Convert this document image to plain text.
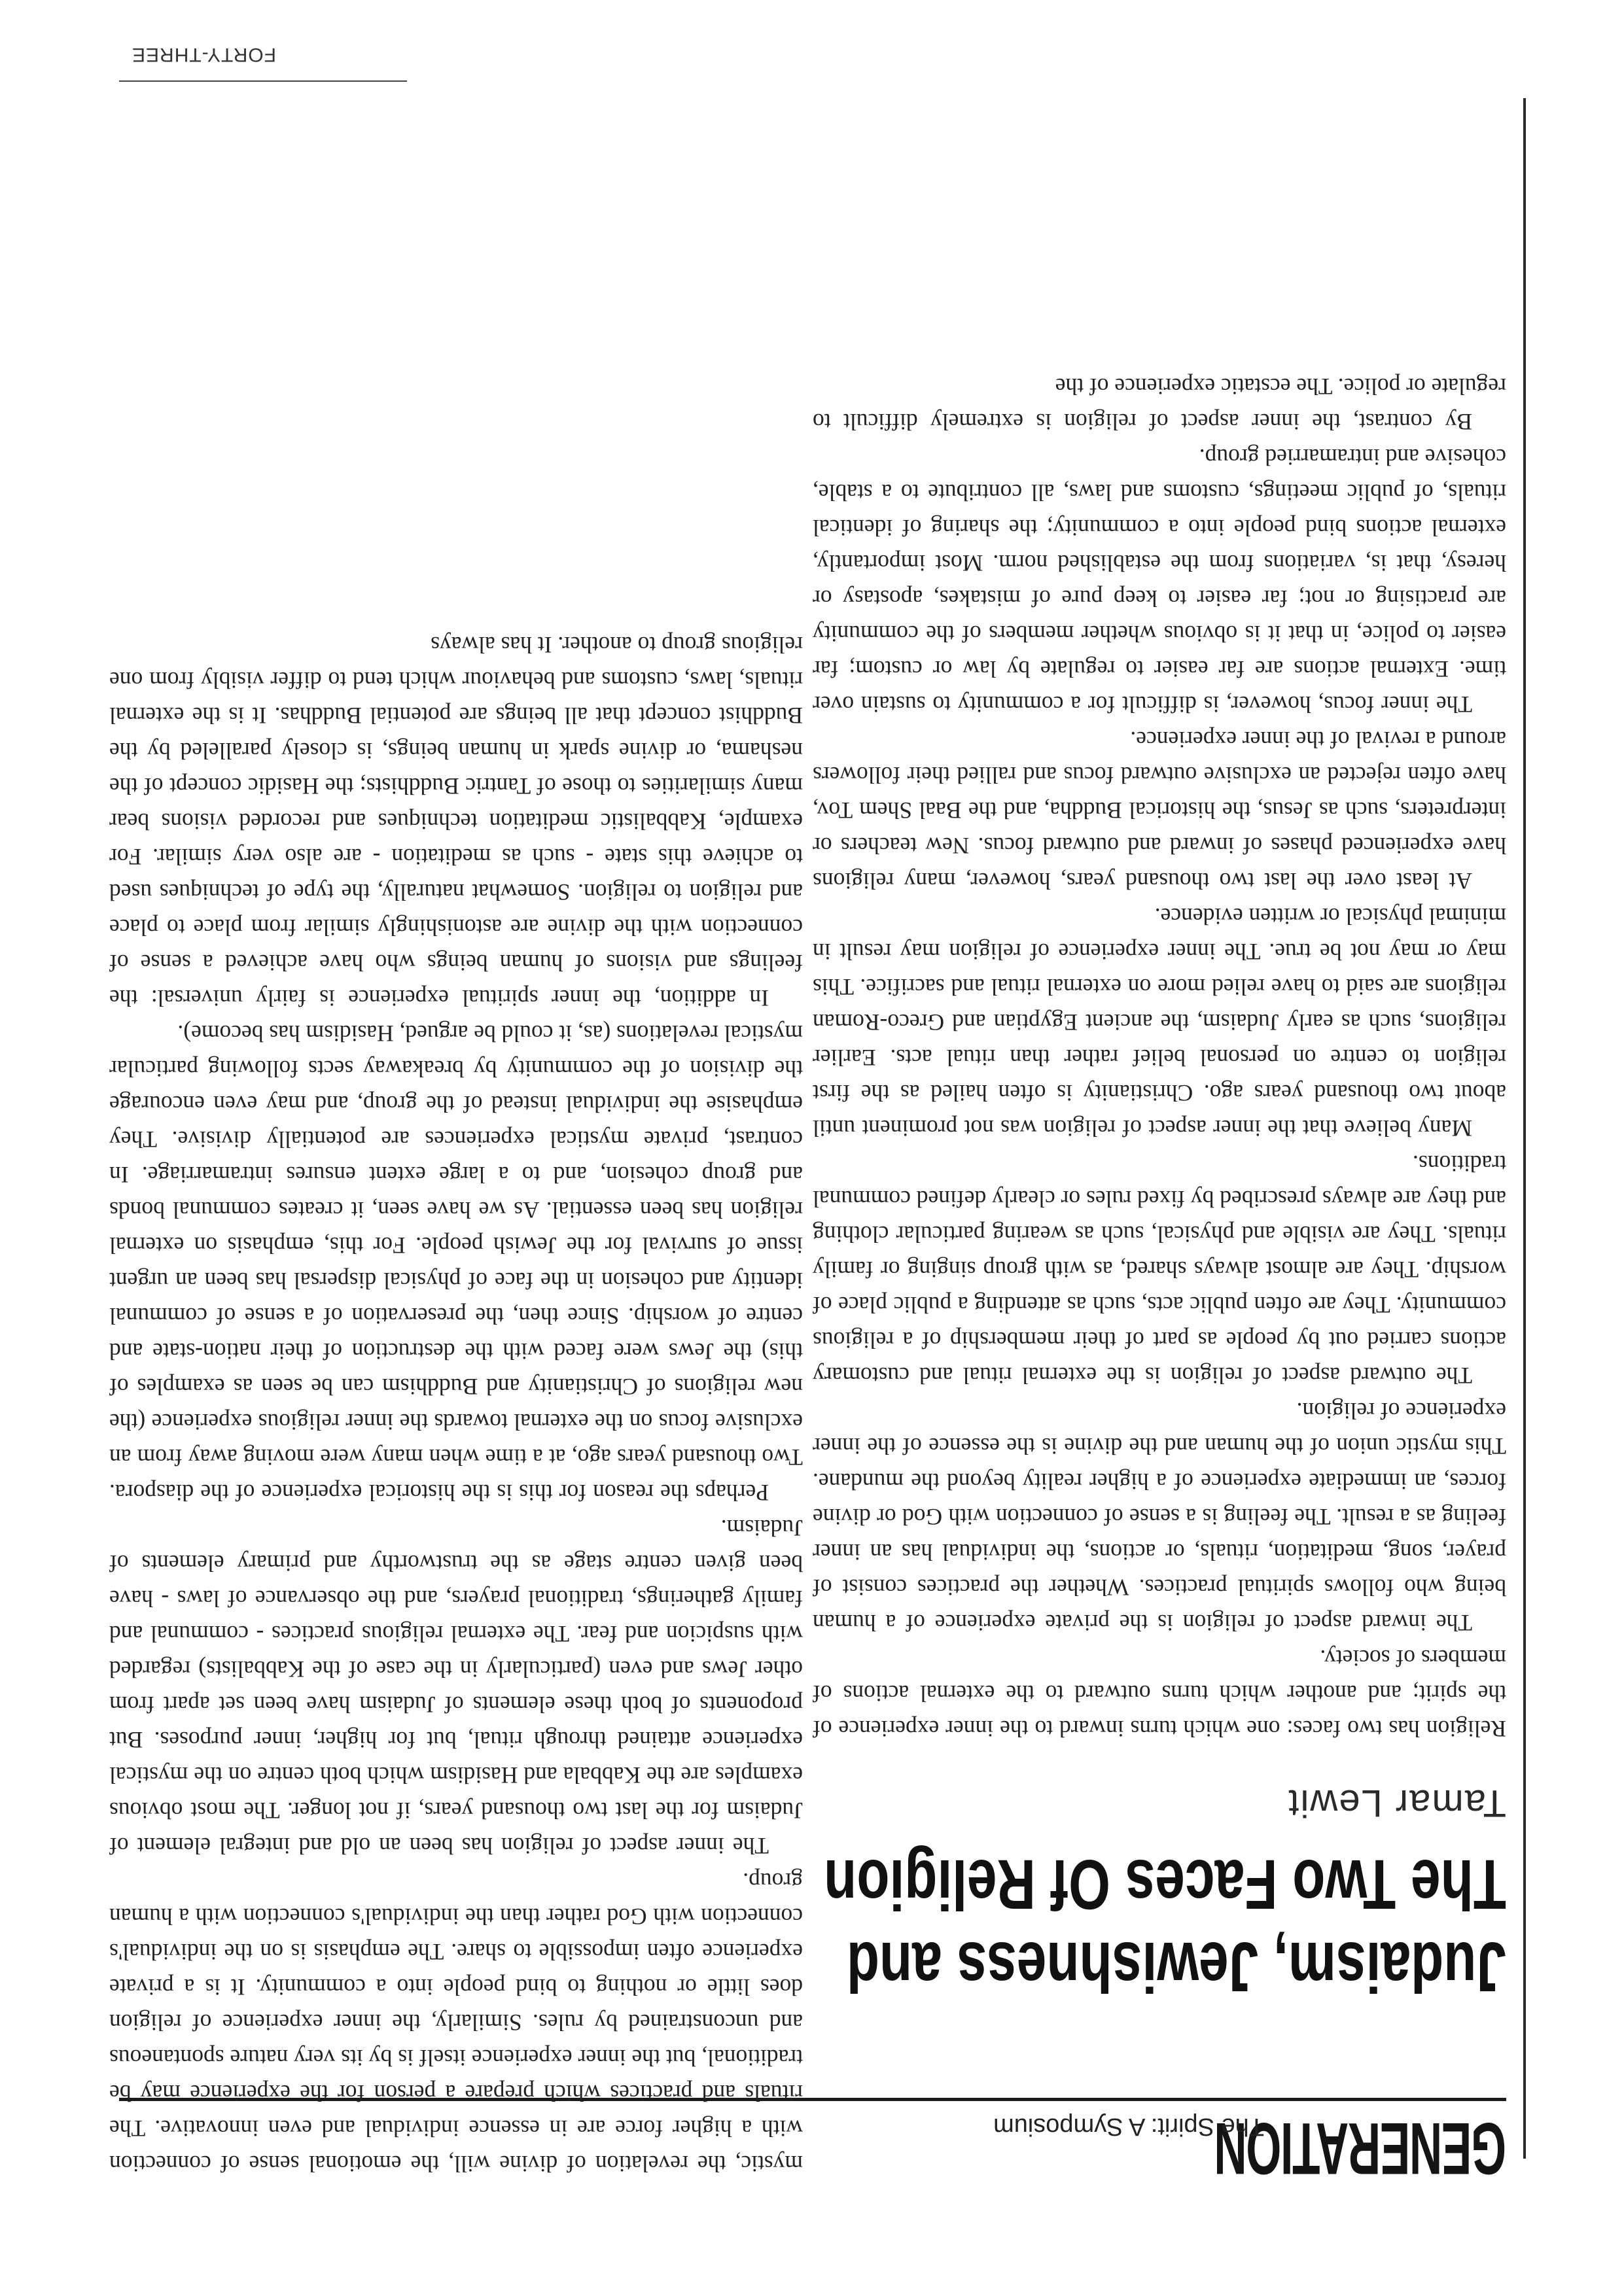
GENERATION
The Spirit: A Symposium
Judaism, Jewishness and
The Two Faces Of Religion
Tamar Lewit

Religion has two faces: one which turns inward to the inner experience of the spirit; and another which turns outward to the external actions of members of society.

The inward aspect of religion is the private experience of a human being who follows spiritual practices. Whether the practices consist of prayer, song, meditation, rituals, or actions, the individual has an inner feeling as a result. The feeling is a sense of connection with God or divine forces, an immediate experience of a higher reality beyond the mundane. This mystic union of the human and the divine is the essence of the inner experience of religion.

The outward aspect of religion is the external ritual and customary actions carried out by people as part of their membership of a religious community. They are often public acts, such as attending a public place of worship. They are almost always shared, as with group singing or family rituals. They are visible and physical, such as wearing particular clothing and they are always prescribed by fixed rules or clearly defined communal traditions.

Many believe that the inner aspect of religion was not prominent until about two thousand years ago. Christianity is often hailed as the first religion to centre on personal belief rather than ritual acts. Earlier religions, such as early Judaism, the ancient Egyptian and Greco-Roman religions are said to have relied more on external ritual and sacrifice. This may or may not be true. The inner experience of religion may result in minimal physical or written evidence.

At least over the last two thousand years, however, many religions have experienced phases of inward and outward focus. New teachers or interpreters, such as Jesus, the historical Buddha, and the Baal Shem Tov, have often rejected an exclusive outward focus and rallied their followers around a revival of the inner experience.

The inner focus, however, is difficult for a community to sustain over time. External actions are far easier to regulate by law or custom; far easier to police, in that it is obvious whether members of the community are practising or not; far easier to keep pure of mistakes, apostasy or heresy, that is, variations from the established norm. Most importantly, external actions bind people into a community; the sharing of identical rituals, of public meetings, customs and laws, all contribute to a stable, cohesive and intramarried group.

By contrast, the inner aspect of religion is extremely difficult to regulate or police. The ecstatic experience of the

mystic, the revelation of divine will, the emotional sense of connection with a higher force are in essence individual and even innovative. The rituals and practices which prepare a person for the experience may be traditional, but the inner experience itself is by its very nature spontaneous and unconstrained by rules. Similarly, the inner experience of religion does little or nothing to bind people into a community. It is a private experience often impossible to share. The emphasis is on the individual's connection with God rather than the individual's connection with a human group.

The inner aspect of religion has been an old and integral element of Judaism for the last two thousand years, if not longer. The most obvious examples are the Kabbala and Hasidism which both centre on the mystical experience attained through ritual, but for higher, inner purposes. But proponents of both these elements of Judaism have been set apart from other Jews and even (particularly in the case of the Kabbalists) regarded with suspicion and fear. The external religious practices - communal and family gatherings, traditional prayers, and the observance of laws - have been given centre stage as the trustworthy and primary elements of Judaism.

Perhaps the reason for this is the historical experience of the diaspora. Two thousand years ago, at a time when many were moving away from an exclusive focus on the external towards the inner religious experience (the new religions of Christianity and Buddhism can be seen as examples of this) the Jews were faced with the destruction of their nation-state and centre of worship. Since then, the preservation of a sense of communal identity and cohesion in the face of physical dispersal has been an urgent issue of survival for the Jewish people. For this, emphasis on external religion has been essential. As we have seen, it creates communal bonds and group cohesion, and to a large extent ensures intramarriage. In contrast, private mystical experiences are potentially divisive. They emphasise the individual instead of the group, and may even encourage the division of the community by breakaway sects following particular mystical revelations (as, it could be argued, Hasidism has become).

In addition, the inner spiritual experience is fairly universal: the feelings and visions of human beings who have achieved a sense of connection with the divine are astonishingly similar from place to place and religion to religion. Somewhat naturally, the type of techniques used to achieve this state - such as meditation - are also very similar. For example, Kabbalistic meditation techniques and recorded visions bear many similarities to those of Tantric Buddhists; the Hasidic concept of the neshama, or divine spark in human beings, is closely paralleled by the Buddhist concept that all beings are potential Buddhas. It is the external rituals, laws, customs and behaviour which tend to differ visibly from one religious group to another. It has always

FORTY-THREE
